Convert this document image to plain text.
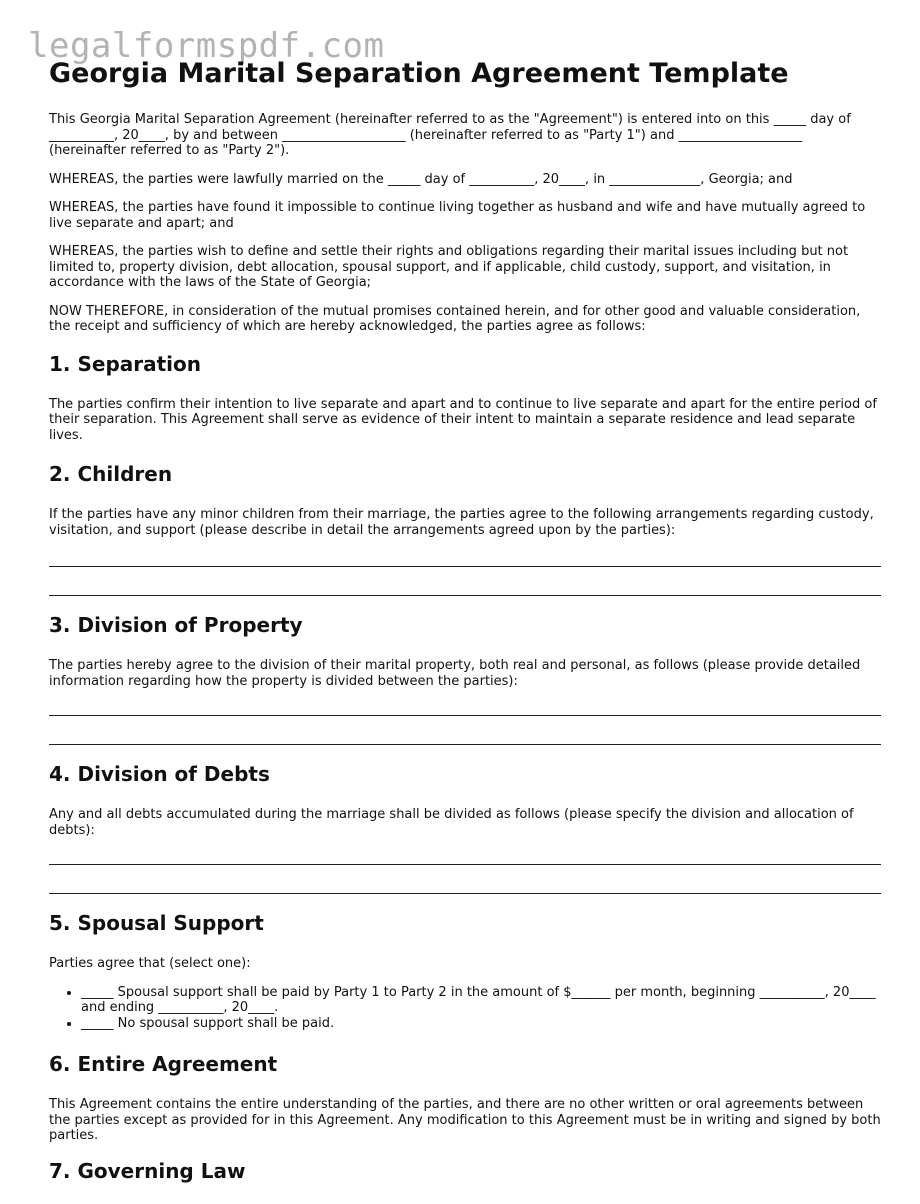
legalformspdf.com
Georgia Marital Separation Agreement Template

This Georgia Marital Separation Agreement (hereinafter referred to as the "Agreement") is entered into on this _____ day of __________, 20____, by and between ___________________ (hereinafter referred to as "Party 1") and ___________________ (hereinafter referred to as "Party 2").

WHEREAS, the parties were lawfully married on the _____ day of __________, 20____, in ______________, Georgia; and

WHEREAS, the parties have found it impossible to continue living together as husband and wife and have mutually agreed to live separate and apart; and

WHEREAS, the parties wish to define and settle their rights and obligations regarding their marital issues including but not limited to, property division, debt allocation, spousal support, and if applicable, child custody, support, and visitation, in accordance with the laws of the State of Georgia;

NOW THEREFORE, in consideration of the mutual promises contained herein, and for other good and valuable consideration, the receipt and sufficiency of which are hereby acknowledged, the parties agree as follows:

1. Separation

The parties confirm their intention to live separate and apart and to continue to live separate and apart for the entire period of their separation. This Agreement shall serve as evidence of their intent to maintain a separate residence and lead separate lives.

2. Children

If the parties have any minor children from their marriage, the parties agree to the following arrangements regarding custody, visitation, and support (please describe in detail the arrangements agreed upon by the parties):

3. Division of Property

The parties hereby agree to the division of their marital property, both real and personal, as follows (please provide detailed information regarding how the property is divided between the parties):

4. Division of Debts

Any and all debts accumulated during the marriage shall be divided as follows (please specify the division and allocation of debts):

5. Spousal Support

Parties agree that (select one):

• _____ Spousal support shall be paid by Party 1 to Party 2 in the amount of $______ per month, beginning __________, 20____ and ending __________, 20____.
• _____ No spousal support shall be paid.
6. Entire Agreement

This Agreement contains the entire understanding of the parties, and there are no other written or oral agreements between the parties except as provided for in this Agreement. Any modification to this Agreement must be in writing and signed by both parties.

7. Governing Law
